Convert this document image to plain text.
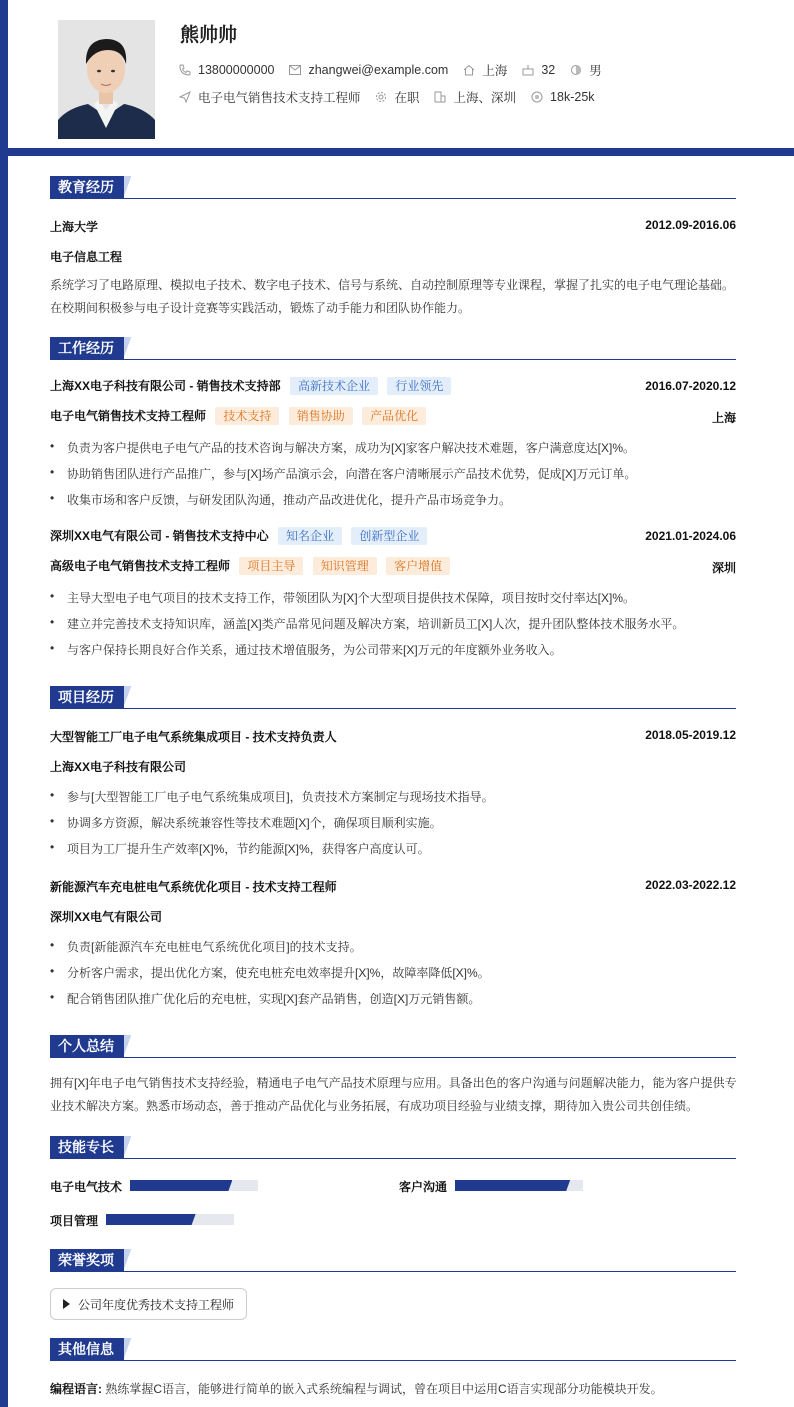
熊帅帅
13800000000	zhangwei@example.com	上海	32	男
电子电气销售技术支持工程师	在职	上海、深圳	18k-25k
教育经历
上海大学	2012.09-2016.06
电子信息工程
系统学习了电路原理、模拟电子技术、数字电子技术、信号与系统、自动控制原理等专业课程，掌握了扎实的电子电气理论基础。在校期间积极参与电子设计竞赛等实践活动，锻炼了动手能力和团队协作能力。
工作经历
上海XX电子科技有限公司 - 销售技术支持部 高新技术企业 行业领先	2016.07-2020.12
电子电气销售技术支持工程师 技术支持 销售协助 产品优化	上海
• 负责为客户提供电子电气产品的技术咨询与解决方案，成功为[X]家客户解决技术难题，客户满意度达[X]%。
• 协助销售团队进行产品推广，参与[X]场产品演示会，向潜在客户清晰展示产品技术优势，促成[X]万元订单。
• 收集市场和客户反馈，与研发团队沟通，推动产品改进优化，提升产品市场竞争力。
深圳XX电气有限公司 - 销售技术支持中心 知名企业 创新型企业	2021.01-2024.06
高级电子电气销售技术支持工程师 项目主导 知识管理 客户增值	深圳
• 主导大型电子电气项目的技术支持工作，带领团队为[X]个大型项目提供技术保障，项目按时交付率达[X]%。
• 建立并完善技术支持知识库，涵盖[X]类产品常见问题及解决方案，培训新员工[X]人次，提升团队整体技术服务水平。
• 与客户保持长期良好合作关系，通过技术增值服务，为公司带来[X]万元的年度额外业务收入。
项目经历
大型智能工厂电子电气系统集成项目 - 技术支持负责人	2018.05-2019.12
上海XX电子科技有限公司
• 参与[大型智能工厂电子电气系统集成项目]，负责技术方案制定与现场技术指导。
• 协调多方资源，解决系统兼容性等技术难题[X]个，确保项目顺利实施。
• 项目为工厂提升生产效率[X]%，节约能源[X]%，获得客户高度认可。
新能源汽车充电桩电气系统优化项目 - 技术支持工程师	2022.03-2022.12
深圳XX电气有限公司
• 负责[新能源汽车充电桩电气系统优化项目]的技术支持。
• 分析客户需求，提出优化方案，使充电桩充电效率提升[X]%，故障率降低[X]%。
• 配合销售团队推广优化后的充电桩，实现[X]套产品销售，创造[X]万元销售额。
个人总结
拥有[X]年电子电气销售技术支持经验，精通电子电气产品技术原理与应用。具备出色的客户沟通与问题解决能力，能为客户提供专业技术解决方案。熟悉市场动态，善于推动产品优化与业务拓展，有成功项目经验与业绩支撑，期待加入贵公司共创佳绩。
技能专长
电子电气技术	客户沟通
项目管理
荣誉奖项
公司年度优秀技术支持工程师
其他信息
编程语言: 熟练掌握C语言，能够进行简单的嵌入式系统编程与调试，曾在项目中运用C语言实现部分功能模块开发。
